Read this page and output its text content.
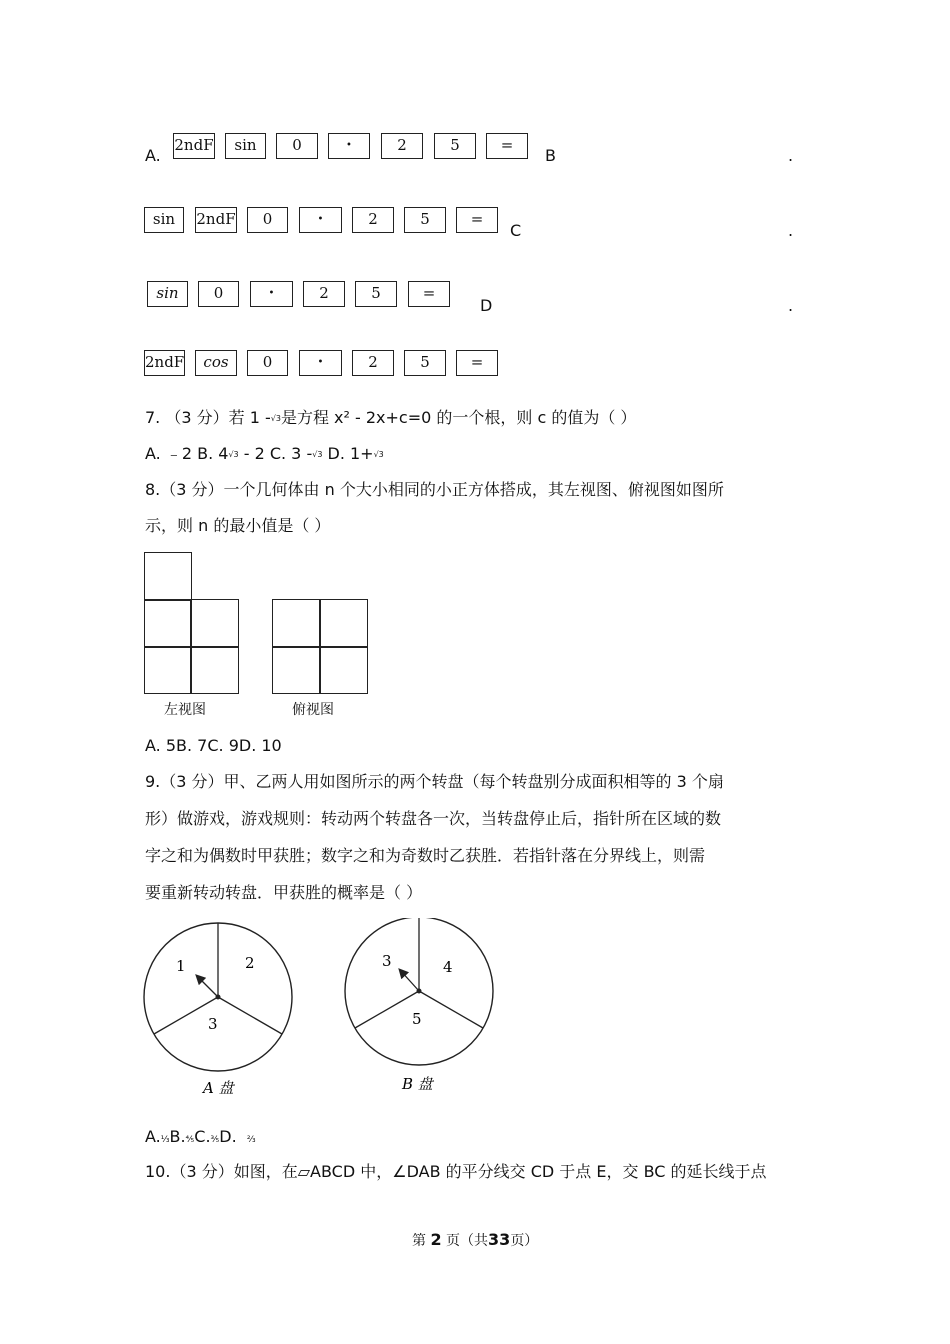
A.
2ndF	sin	0	•	2	5	=
B	.
sin	2ndF	0	•	2	5	=
C	.
sin	0	•	2	5	=
D	.
2ndF	cos	0	•	2	5	=
7. （3 分）若 1 -√3是方程 x² - 2x+c=0 的一个根，则 c 的值为（ ）
A. ﹣2 B. 4√3 - 2 C. 3 -√3 D. 1+√3
8.（3 分）一个几何体由 n 个大小相同的小正方体搭成，其左视图、俯视图如图所
示，则 n 的最小值是（ ）
左视图	俯视图
A. 5B. 7C. 9D. 10
9.（3 分）甲、乙两人用如图所示的两个转盘（每个转盘别分成面积相等的 3 个扇
形）做游戏，游戏规则：转动两个转盘各一次，当转盘停止后，指针所在区域的数
字之和为偶数时甲获胜；数字之和为奇数时乙获胜．若指针落在分界线上，则需
要重新转动转盘．甲获胜的概率是（ ）
1	2
3
A 盘
3	4
5
B 盘
A.⅓B.⅘C.⅗D. ⅔
10.（3 分）如图，在▱ABCD 中，∠DAB 的平分线交 CD 于点 E，交 BC 的延长线于点
第 2 页（共33页）
